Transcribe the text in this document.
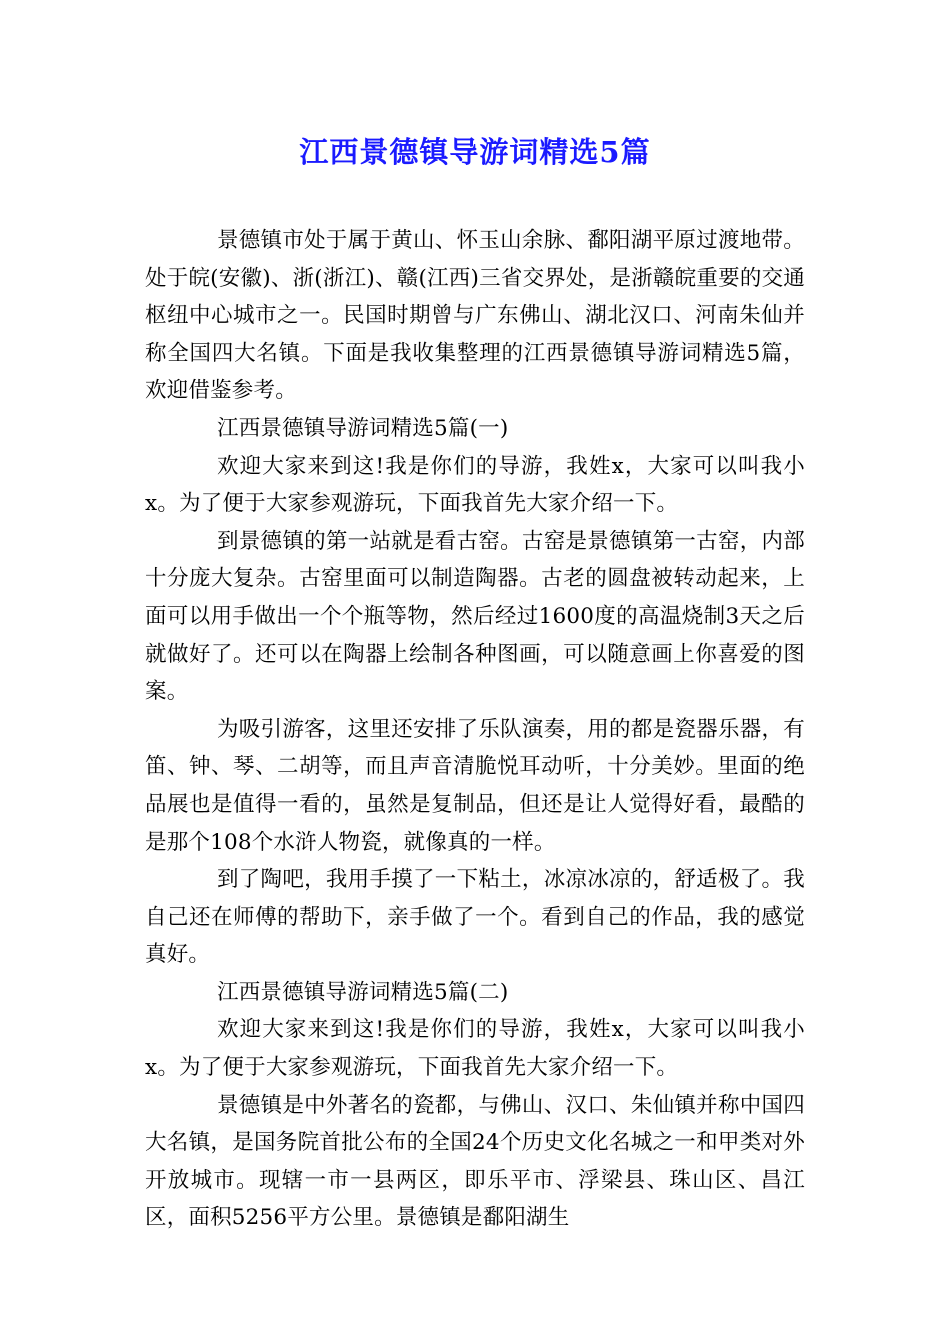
江西景德镇导游词精选5篇

景德镇市处于属于黄山、怀玉山余脉、鄱阳湖平原过渡地带。处于皖(安徽)、浙(浙江)、赣(江西)三省交界处，是浙赣皖重要的交通枢纽中心城市之一。民国时期曾与广东佛山、湖北汉口、河南朱仙并称全国四大名镇。下面是我收集整理的江西景德镇导游词精选5篇，欢迎借鉴参考。

江西景德镇导游词精选5篇(一)

欢迎大家来到这!我是你们的导游，我姓x，大家可以叫我小x。为了便于大家参观游玩，下面我首先大家介绍一下。

到景德镇的第一站就是看古窑。古窑是景德镇第一古窑，内部十分庞大复杂。古窑里面可以制造陶器。古老的圆盘被转动起来，上面可以用手做出一个个瓶等物，然后经过1600度的高温烧制3天之后就做好了。还可以在陶器上绘制各种图画，可以随意画上你喜爱的图案。

为吸引游客，这里还安排了乐队演奏，用的都是瓷器乐器，有笛、钟、琴、二胡等，而且声音清脆悦耳动听，十分美妙。里面的绝品展也是值得一看的，虽然是复制品，但还是让人觉得好看，最酷的是那个108个水浒人物瓷，就像真的一样。

到了陶吧，我用手摸了一下粘土，冰凉冰凉的，舒适极了。我自己还在师傅的帮助下，亲手做了一个。看到自己的作品，我的感觉真好。

江西景德镇导游词精选5篇(二)

欢迎大家来到这!我是你们的导游，我姓x，大家可以叫我小x。为了便于大家参观游玩，下面我首先大家介绍一下。

景德镇是中外著名的瓷都，与佛山、汉口、朱仙镇并称中国四大名镇，是国务院首批公布的全国24个历史文化名城之一和甲类对外开放城市。现辖一市一县两区，即乐平市、浮梁县、珠山区、昌江区，面积5256平方公里。景德镇是鄱阳湖生
